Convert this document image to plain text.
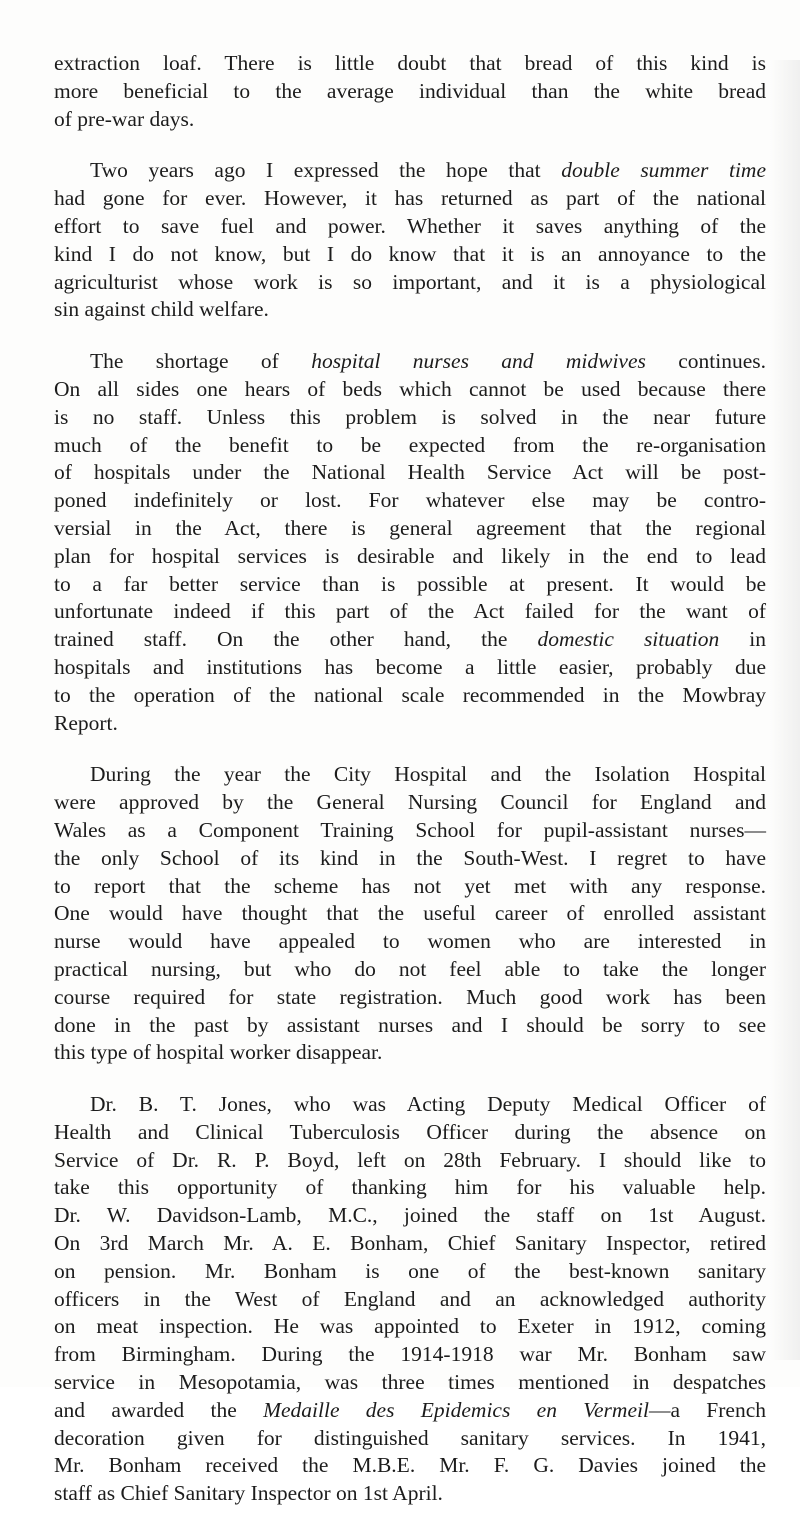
extraction loaf. There is little doubt that bread of this kind is
more beneficial to the average individual than the white bread
of pre-war days.
Two years ago I expressed the hope that double summer time
had gone for ever. However, it has returned as part of the national
effort to save fuel and power. Whether it saves anything of the
kind I do not know, but I do know that it is an annoyance to the
agriculturist whose work is so important, and it is a physiological
sin against child welfare.
The shortage of hospital nurses and midwives continues.
On all sides one hears of beds which cannot be used because there
is no staff. Unless this problem is solved in the near future
much of the benefit to be expected from the re-organisation
of hospitals under the National Health Service Act will be post-
poned indefinitely or lost. For whatever else may be contro-
versial in the Act, there is general agreement that the regional
plan for hospital services is desirable and likely in the end to lead
to a far better service than is possible at present. It would be
unfortunate indeed if this part of the Act failed for the want of
trained staff. On the other hand, the domestic situation in
hospitals and institutions has become a little easier, probably due
to the operation of the national scale recommended in the Mowbray
Report.
During the year the City Hospital and the Isolation Hospital
were approved by the General Nursing Council for England and
Wales as a Component Training School for pupil-assistant nurses—
the only School of its kind in the South-West. I regret to have
to report that the scheme has not yet met with any response.
One would have thought that the useful career of enrolled assistant
nurse would have appealed to women who are interested in
practical nursing, but who do not feel able to take the longer
course required for state registration. Much good work has been
done in the past by assistant nurses and I should be sorry to see
this type of hospital worker disappear.
Dr. B. T. Jones, who was Acting Deputy Medical Officer of
Health and Clinical Tuberculosis Officer during the absence on
Service of Dr. R. P. Boyd, left on 28th February. I should like to
take this opportunity of thanking him for his valuable help.
Dr. W. Davidson-Lamb, M.C., joined the staff on 1st August.
On 3rd March Mr. A. E. Bonham, Chief Sanitary Inspector, retired
on pension. Mr. Bonham is one of the best-known sanitary
officers in the West of England and an acknowledged authority
on meat inspection. He was appointed to Exeter in 1912, coming
from Birmingham. During the 1914-1918 war Mr. Bonham saw
service in Mesopotamia, was three times mentioned in despatches
and awarded the Medaille des Epidemics en Vermeil—a French
decoration given for distinguished sanitary services. In 1941,
Mr. Bonham received the M.B.E. Mr. F. G. Davies joined the
staff as Chief Sanitary Inspector on 1st April.
